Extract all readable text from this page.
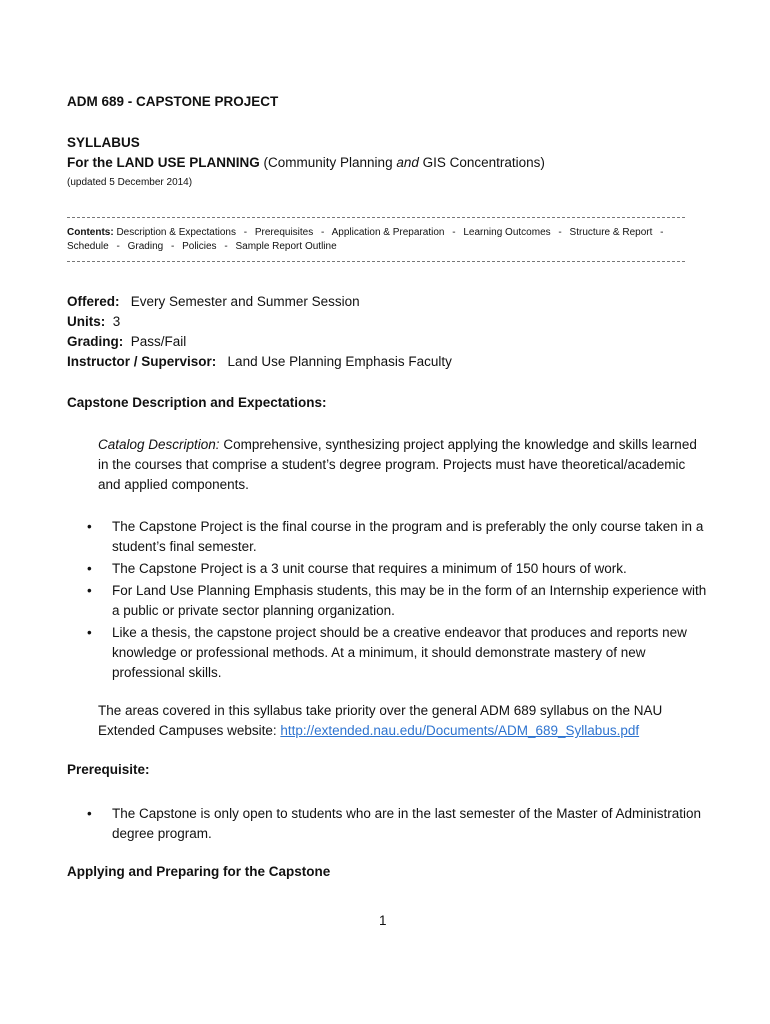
ADM 689 - CAPSTONE PROJECT
SYLLABUS
For the LAND USE PLANNING (Community Planning and GIS Concentrations)
(updated 5 December 2014)
Contents: Description & Expectations - Prerequisites - Application & Preparation - Learning Outcomes - Structure & Report - Schedule - Grading - Policies - Sample Report Outline
Offered: Every Semester and Summer Session
Units: 3
Grading: Pass/Fail
Instructor / Supervisor: Land Use Planning Emphasis Faculty
Capstone Description and Expectations:
Catalog Description: Comprehensive, synthesizing project applying the knowledge and skills learned in the courses that comprise a student’s degree program. Projects must have theoretical/academic and applied components.
• The Capstone Project is the final course in the program and is preferably the only course taken in a student’s final semester.
• The Capstone Project is a 3 unit course that requires a minimum of 150 hours of work.
• For Land Use Planning Emphasis students, this may be in the form of an Internship experience with a public or private sector planning organization.
• Like a thesis, the capstone project should be a creative endeavor that produces and reports new knowledge or professional methods. At a minimum, it should demonstrate mastery of new professional skills.
The areas covered in this syllabus take priority over the general ADM 689 syllabus on the NAU Extended Campuses website: http://extended.nau.edu/Documents/ADM_689_Syllabus.pdf
Prerequisite:
• The Capstone is only open to students who are in the last semester of the Master of Administration degree program.
Applying and Preparing for the Capstone
1
